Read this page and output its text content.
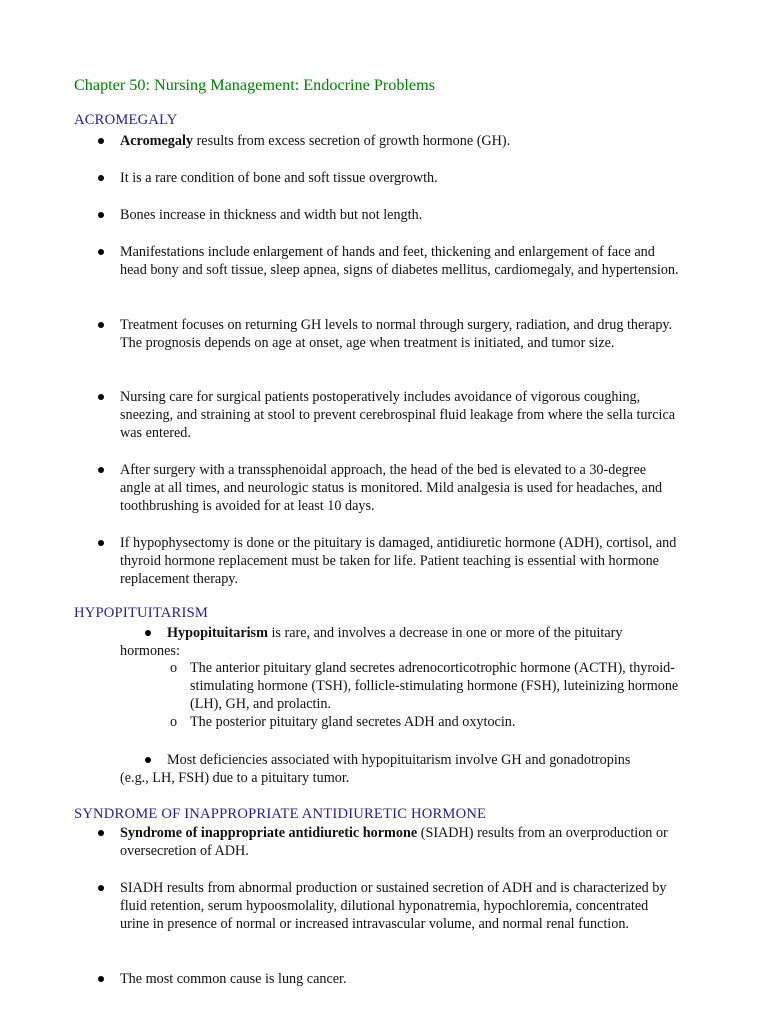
Chapter 50: Nursing Management: Endocrine Problems
ACROMEGALY
Acromegaly results from excess secretion of growth hormone (GH).
It is a rare condition of bone and soft tissue overgrowth.
Bones increase in thickness and width but not length.
Manifestations include enlargement of hands and feet, thickening and enlargement of face and head bony and soft tissue, sleep apnea, signs of diabetes mellitus, cardiomegaly, and hypertension.
Treatment focuses on returning GH levels to normal through surgery, radiation, and drug therapy. The prognosis depends on age at onset, age when treatment is initiated, and tumor size.
Nursing care for surgical patients postoperatively includes avoidance of vigorous coughing, sneezing, and straining at stool to prevent cerebrospinal fluid leakage from where the sella turcica was entered.
After surgery with a transsphenoidal approach, the head of the bed is elevated to a 30-degree angle at all times, and neurologic status is monitored. Mild analgesia is used for headaches, and toothbrushing is avoided for at least 10 days.
If hypophysectomy is done or the pituitary is damaged, antidiuretic hormone (ADH), cortisol, and thyroid hormone replacement must be taken for life. Patient teaching is essential with hormone replacement therapy.
HYPOPITUITARISM
Hypopituitarism is rare, and involves a decrease in one or more of the pituitary
hormones:
o The anterior pituitary gland secretes adrenocorticotrophic hormone (ACTH), thyroid-stimulating hormone (TSH), follicle-stimulating hormone (FSH), luteinizing hormone (LH), GH, and prolactin.
o The posterior pituitary gland secretes ADH and oxytocin.
Most deficiencies associated with hypopituitarism involve GH and gonadotropins
(e.g., LH, FSH) due to a pituitary tumor.
SYNDROME OF INAPPROPRIATE ANTIDIURETIC HORMONE
Syndrome of inappropriate antidiuretic hormone (SIADH) results from an overproduction or oversecretion of ADH.
SIADH results from abnormal production or sustained secretion of ADH and is characterized by fluid retention, serum hypoosmolality, dilutional hyponatremia, hypochloremia, concentrated urine in presence of normal or increased intravascular volume, and normal renal function.
The most common cause is lung cancer.
